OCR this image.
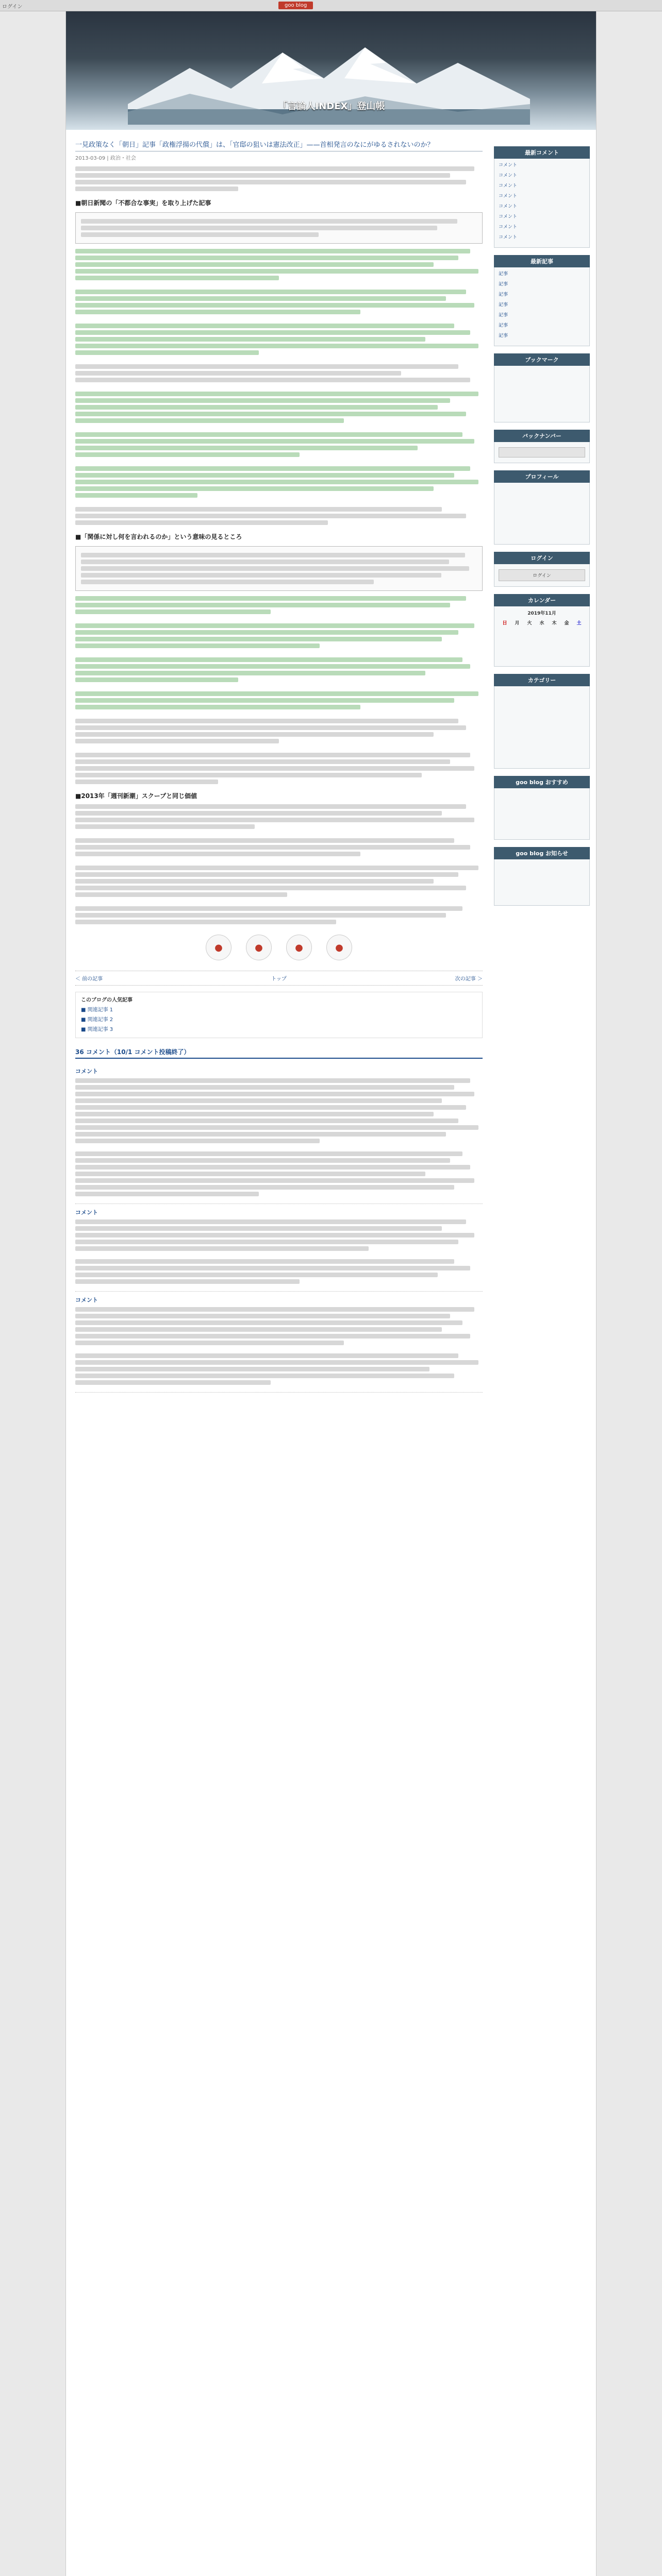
ログイン	goo blog
「言論人INDEX」登山帳
一見政策なく「朝日」記事「政権浮揚の代償」は、「官邸の狙いは憲法改正」——首相発言のなにがゆるされないのか？
2013-03-09 | 政治・社会
■朝日新聞の「不都合な事実」を取り上げた記事
■「関係に対し何を言われるのか」という意味の見るところ
■2013年「週刊新潮」スクープと同じ価値
●	●	●	●
＜ 前の記事	トップ	次の記事 ＞
このブログの人気記事
■ 関連記事 1
■ 関連記事 2
■ 関連記事 3
36 コメント（10/1 コメント投稿終了）
コメント
コメント
コメント
最新コメント
コメント
コメント
コメント
コメント
コメント
コメント
コメント
コメント
最新記事
記事
記事
記事
記事
記事
記事
記事
ブックマーク
バックナンバー
プロフィール
ログイン
ログイン
カレンダー
2019年11月
日	月	火	水	木	金	土
カテゴリー
goo blog おすすめ
goo blog お知らせ
